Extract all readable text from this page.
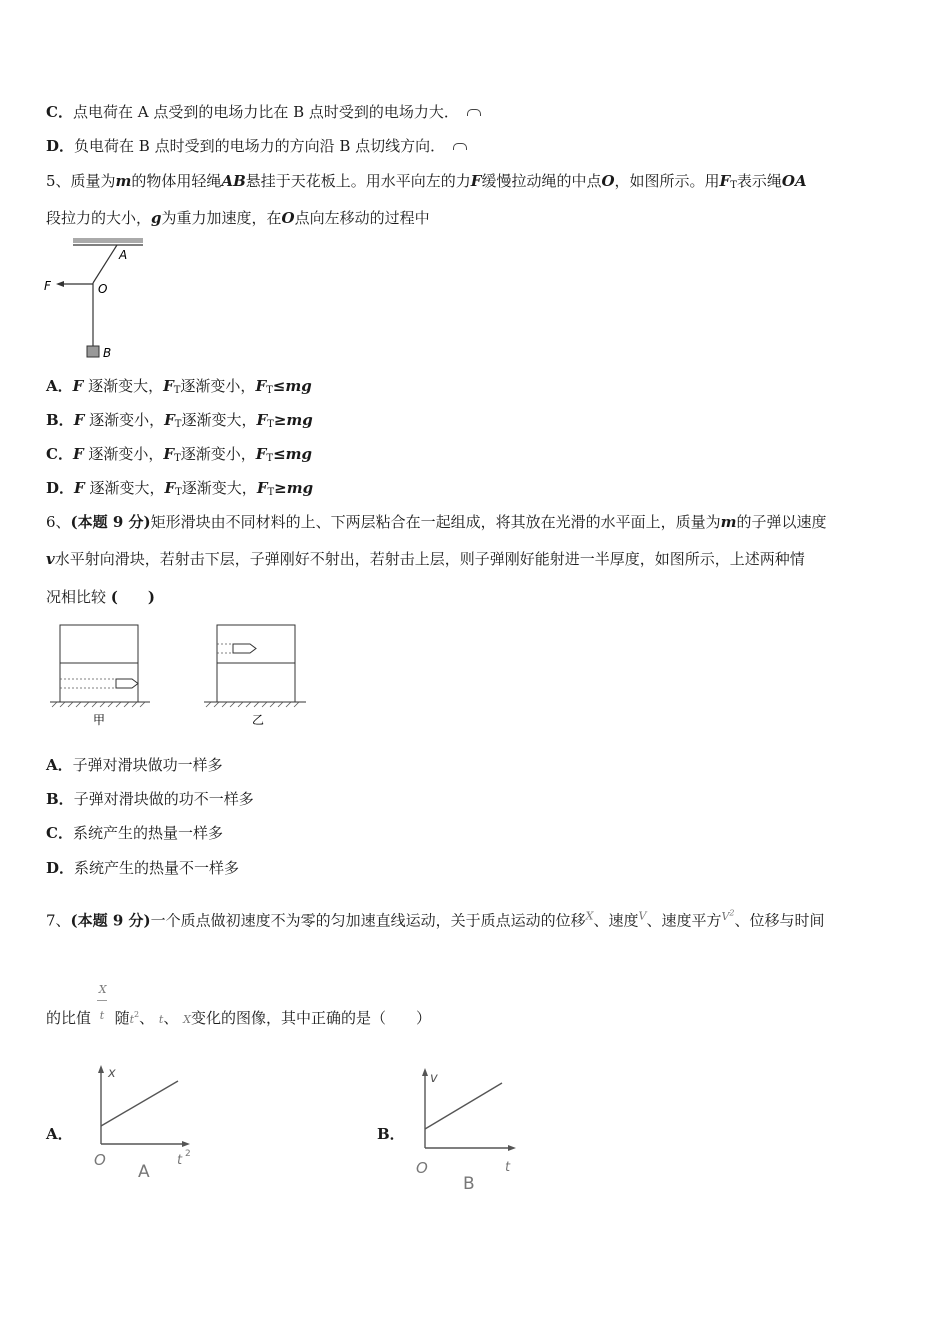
C．点电荷在 A 点受到的电场力比在 B 点时受到的电场力大．
D．负电荷在 B 点时受到的电场力的方向沿 B 点切线方向．
5、质量为m的物体用轻绳AB悬挂于天花板上。用水平向左的力F缓慢拉动绳的中点O，如图所示。用$F_T$表示绳OA
段拉力的大小，g为重力加速度，在O点向左移动的过程中
A
F	O
B
A．F 逐渐变大，$F_T$逐渐变小，$F_T\le mg$
B．F 逐渐变小，$F_T$逐渐变大，$F_T\ge mg$
C．F 逐渐变小，$F_T$逐渐变小，$F_T\le mg$
D．F 逐渐变大，$F_T$逐渐变大，$F_T\ge mg$
6、(本题 9 分)矩形滑块由不同材料的上、下两层粘合在一起组成，将其放在光滑的水平面上，质量为m的子弹以速度
v水平射向滑块，若射击下层，子弹刚好不射出，若射击上层，则子弹刚好能射进一半厚度，如图所示，上述两种情
况相比较 (　　)
甲	乙
A．子弹对滑块做功一样多
B．子弹对滑块做的功不一样多
C．系统产生的热量一样多
D．系统产生的热量不一样多
7、(本题 9 分)一个质点做初速度不为零的匀加速直线运动，关于质点运动的位移$^X$、速度$^V$、速度平方$^{V^2}$、位移与时间
的比值 $\frac{X}{t}$ 随$t^2$、 t、 X变化的图像，其中正确的是（　　）
A．
x
O	t 2
A
B．
v
O	t
B
